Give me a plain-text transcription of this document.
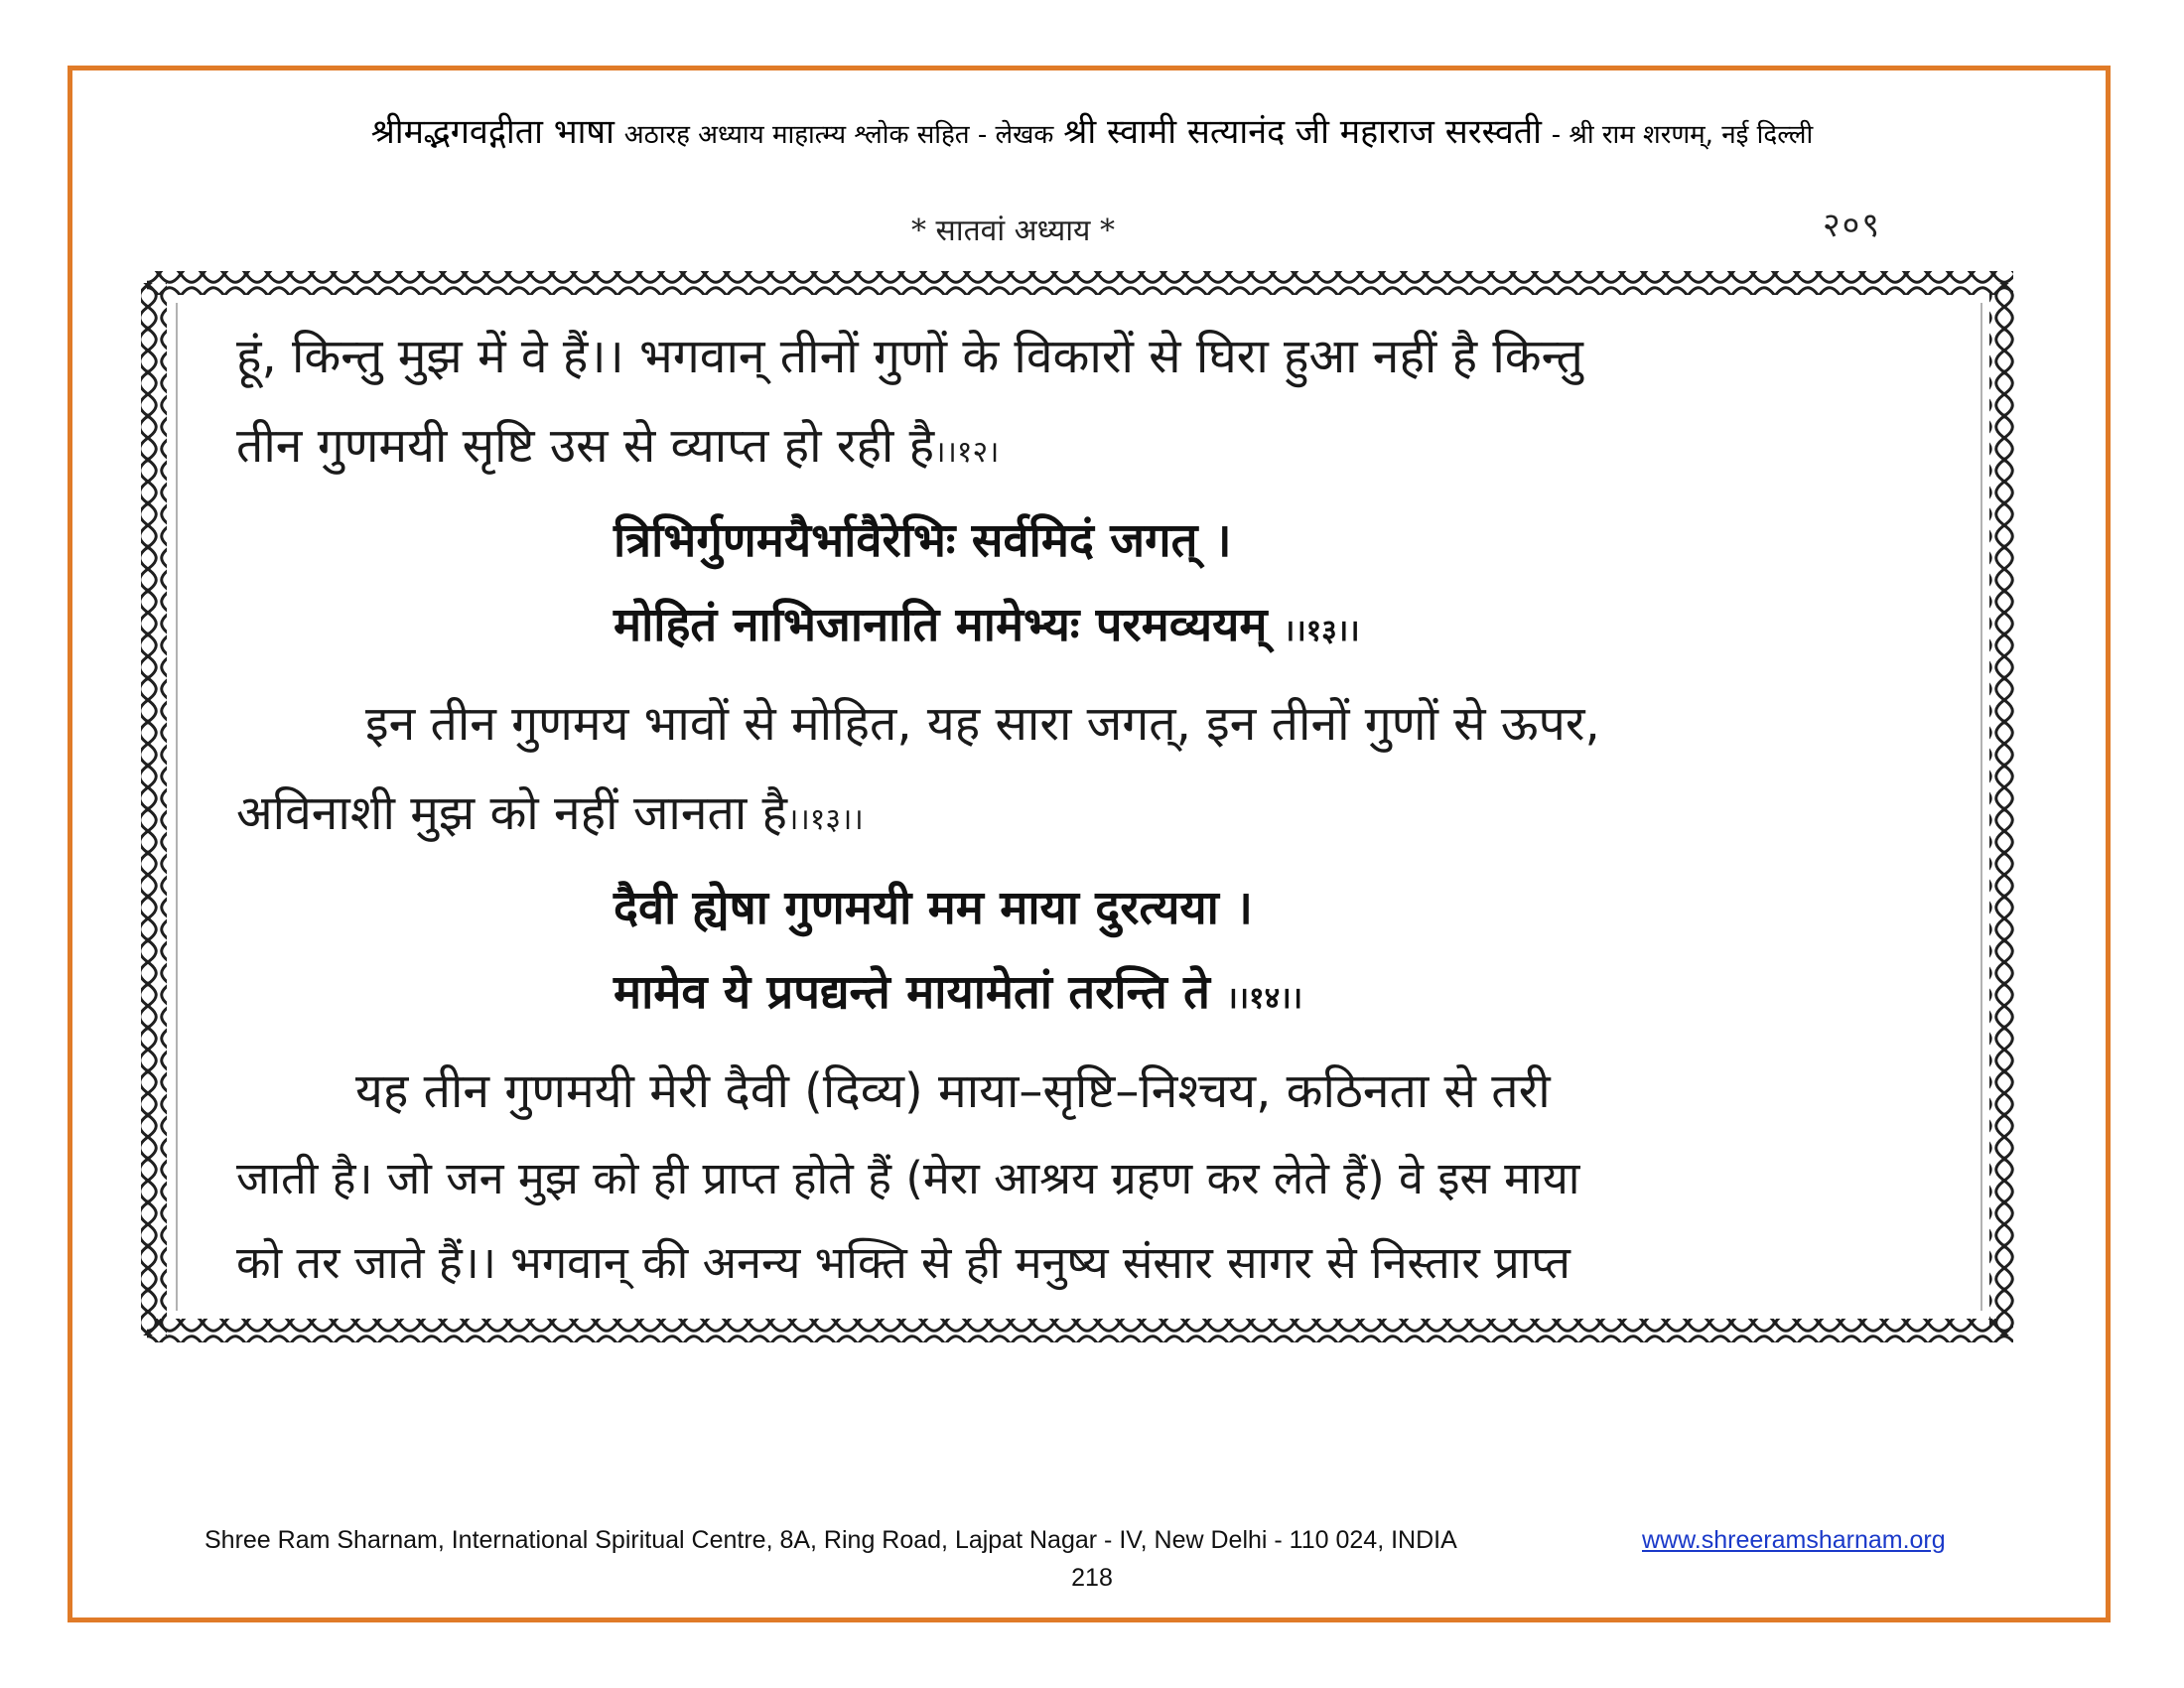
श्रीमद्भगवद्गीता भाषा अठारह अध्याय माहात्म्य श्लोक सहित - लेखक श्री स्वामी सत्यानंद जी महाराज सरस्वती - श्री राम शरणम्, नई दिल्ली
* सातवां अध्याय *	२०९
हूं, किन्तु मुझ में वे हैं।। भगवान् तीनों गुणों के विकारों से घिरा हुआ नहीं है किन्तु
तीन गुणमयी सृष्टि उस से व्याप्त हो रही है।।१२।
त्रिभिर्गुणमयैर्भावैरेभिः सर्वमिदं जगत् ।
मोहितं नाभिजानाति मामेभ्यः परमव्ययम् ।।१३।।
इन तीन गुणमय भावों से मोहित, यह सारा जगत्, इन तीनों गुणों से ऊपर,
अविनाशी मुझ को नहीं जानता है।।१३।।
दैवी ह्येषा गुणमयी मम माया दुरत्यया ।
मामेव ये प्रपद्यन्ते मायामेतां तरन्ति ते ।।१४।।
यह तीन गुणमयी मेरी दैवी (दिव्य) माया–सृष्टि–निश्चय, कठिनता से तरी
जाती है। जो जन मुझ को ही प्राप्त होते हैं (मेरा आश्रय ग्रहण कर लेते हैं) वे इस माया
को तर जाते हैं।। भगवान् की अनन्य भक्ति से ही मनुष्य संसार सागर से निस्तार प्राप्त
Shree Ram Sharnam, International Spiritual Centre, 8A, Ring Road, Lajpat Nagar - IV, New Delhi - 110 024, INDIA	www.shreeramsharnam.org
218
